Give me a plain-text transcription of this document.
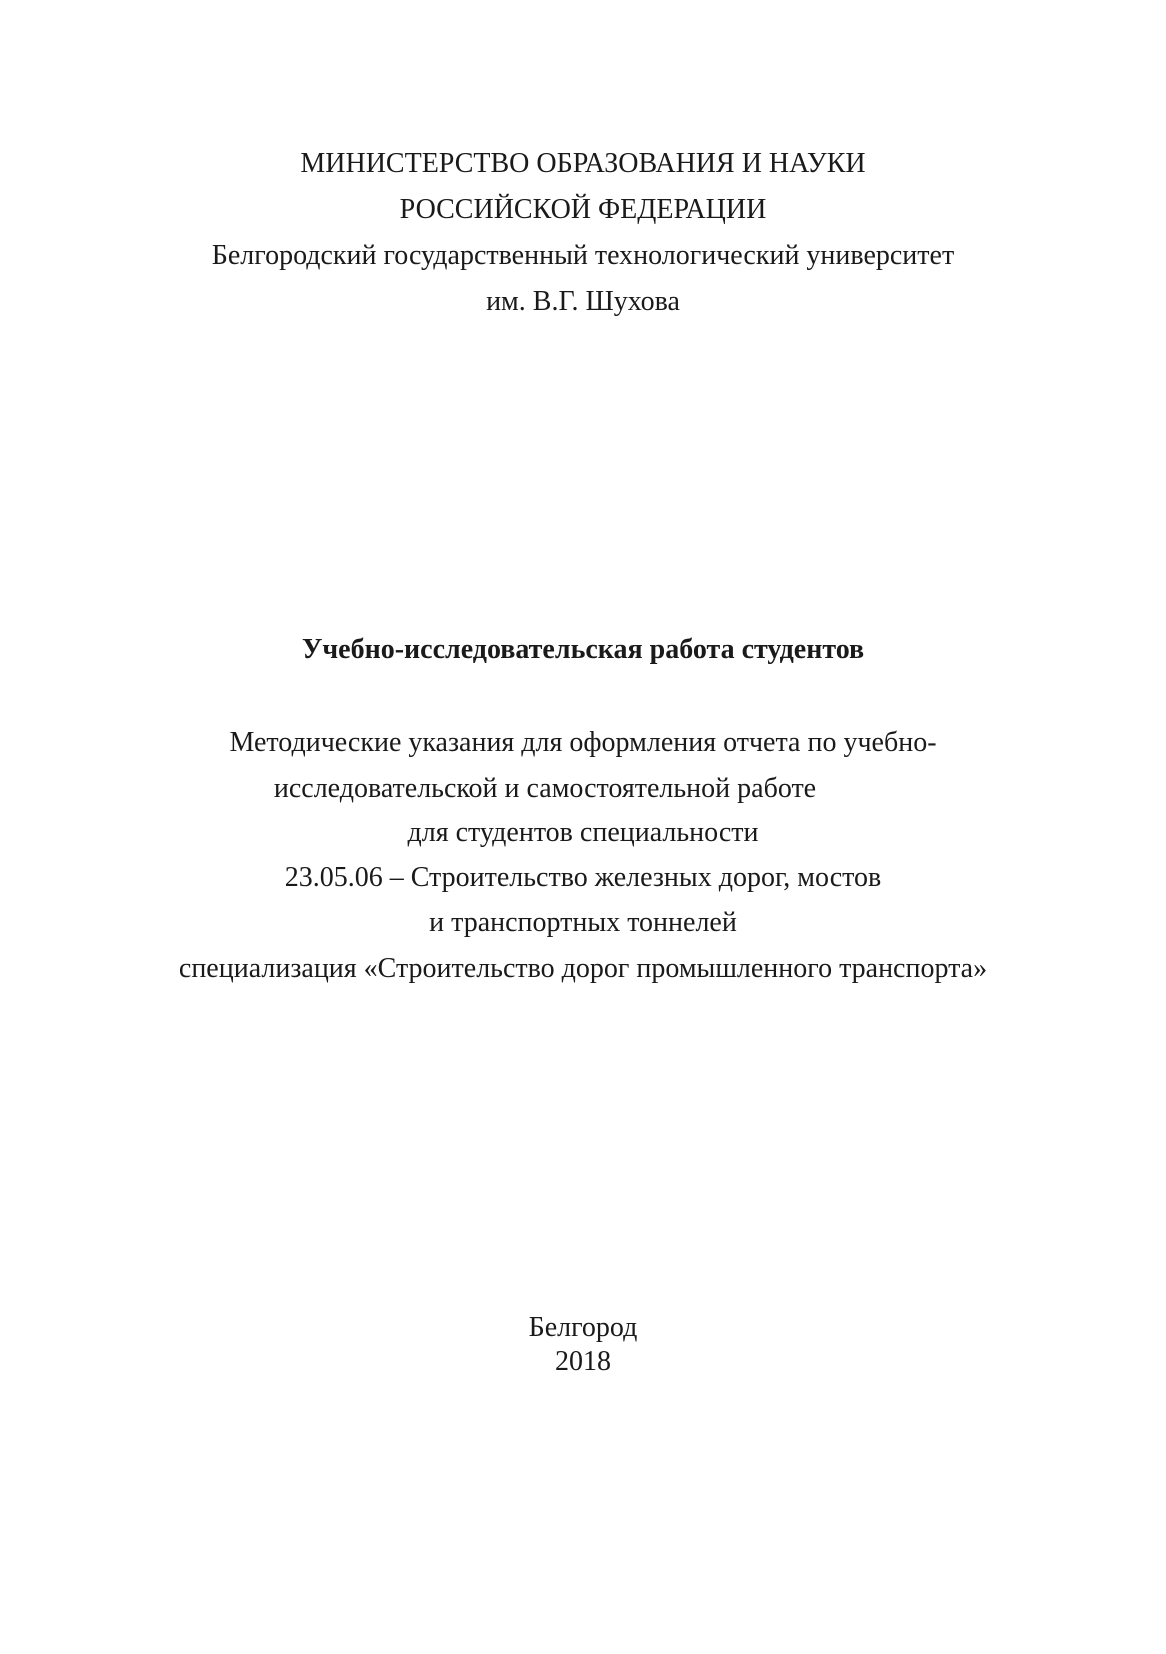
МИНИСТЕРСТВО ОБРАЗОВАНИЯ И НАУКИ
РОССИЙСКОЙ ФЕДЕРАЦИИ
Белгородский государственный технологический университет
им. В.Г. Шухова
Учебно-исследовательская работа студентов
Методические указания для оформления отчета по учебно-
исследовательской и самостоятельной работе
для студентов специальности
23.05.06 – Строительство железных дорог, мостов
и транспортных тоннелей
специализация «Строительство дорог промышленного транспорта»
Белгород
2018
